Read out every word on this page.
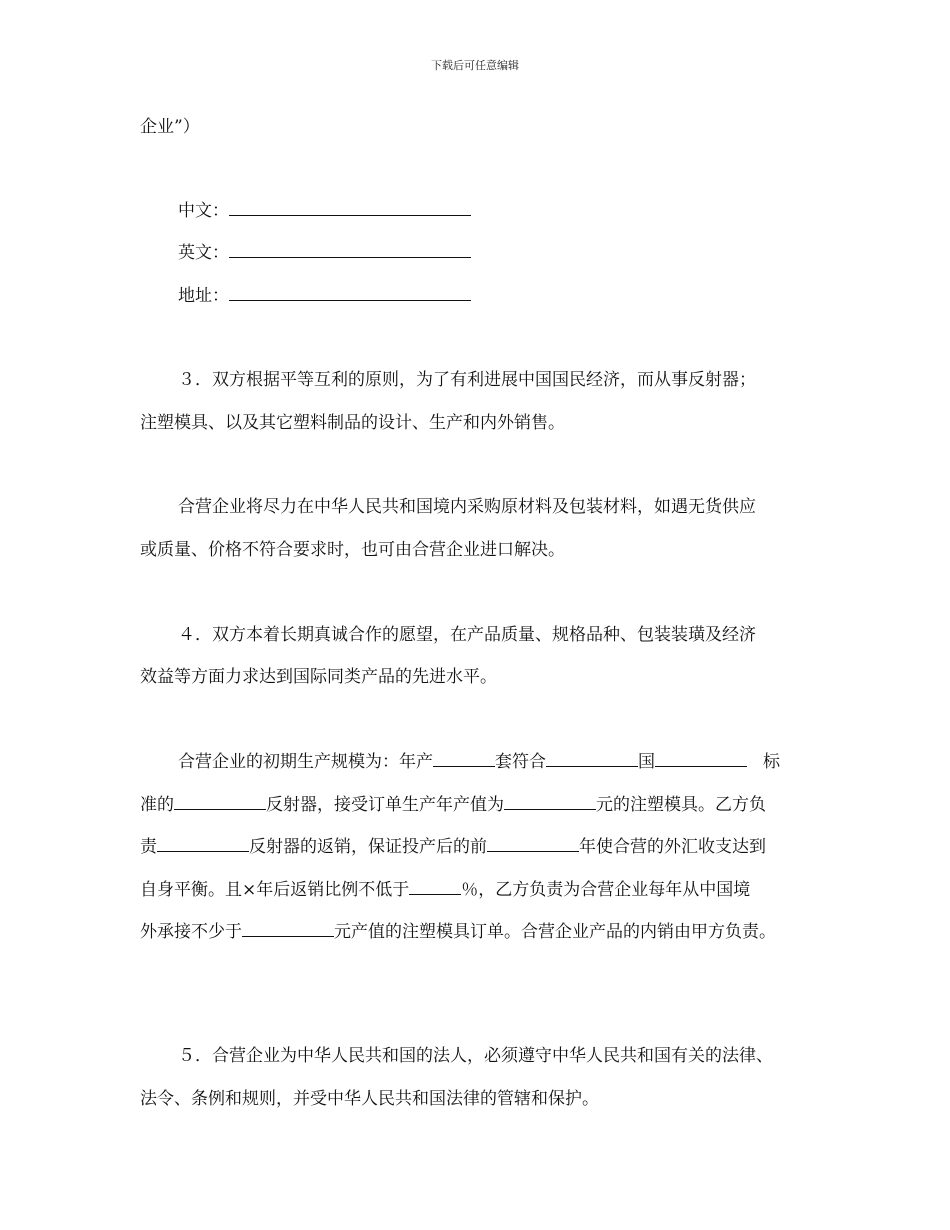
下载后可任意编辑
企业”）
中文：
英文：
地址：
３．双方根据平等互利的原则，为了有利进展中国国民经济，而从事反射器；
注塑模具、以及其它塑料制品的设计、生产和内外销售。
合营企业将尽力在中华人民共和国境内采购原材料及包装材料，如遇无货供应
或质量、价格不符合要求时，也可由合营企业进口解决。
４．双方本着长期真诚合作的愿望，在产品质量、规格品种、包装装璜及经济
效益等方面力求达到国际同类产品的先进水平。
合营企业的初期生产规模为：年产	套符合	国	标
准的	反射器，接受订单生产年产值为	元的注塑模具。乙方负
责	反射器的返销，保证投产后的前	年使合营的外汇收支达到
自身平衡。且×年后返销比例不低于	％，乙方负责为合营企业每年从中国境
外承接不少于	元产值的注塑模具订单。合营企业产品的内销由甲方负责。
５．合营企业为中华人民共和国的法人，必须遵守中华人民共和国有关的法律、
法令、条例和规则，并受中华人民共和国法律的管辖和保护。
